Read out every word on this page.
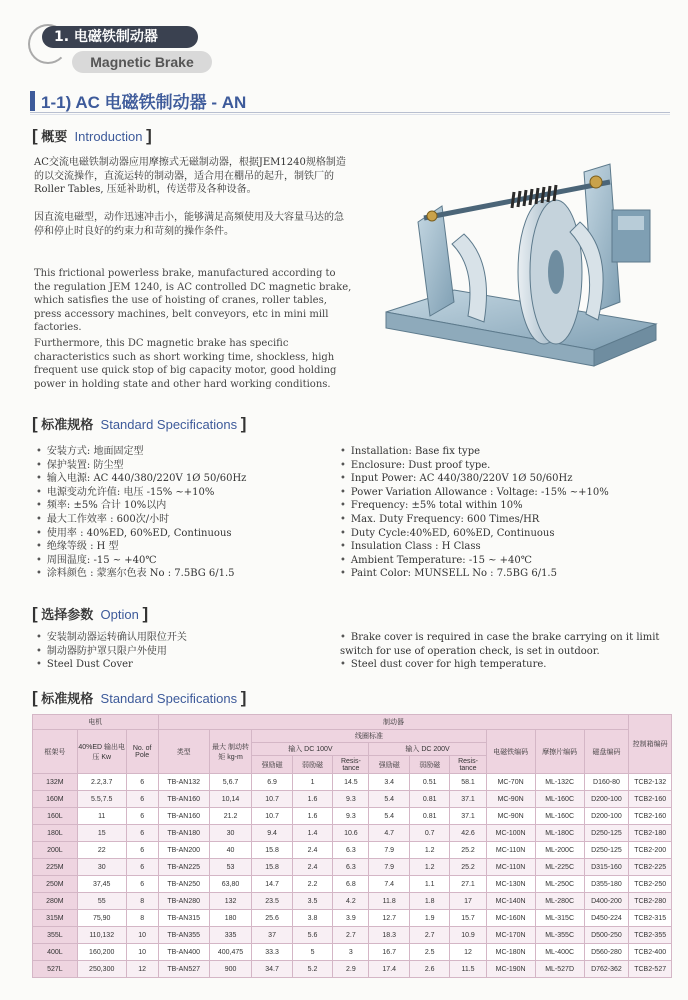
1. 电磁铁制动器
Magnetic Brake
1-1) AC 电磁铁制动器 - AN
[ 概要 Introduction ]
AC交流电磁铁制动器应用摩擦式无磁制动器，根据JEM1240规格制造的以交流操作，直流运转的制动器，适合用在棚吊的起升，制铁厂的Roller Tables, 压延补助机，传送带及各种设备。
因直流电磁型，动作迅速冲击小，能够满足高频使用及大容量马达的急停和停止时良好的约束力和苛刻的操作条件。
This frictional powerless brake, manufactured according to the regulation JEM 1240, is AC controlled DC magnetic brake, which satisfies the use of hoisting of cranes, roller tables, press accessory machines, belt conveyors, etc in mini mill factories.
Furthermore, this DC magnetic brake has specific characteristics such as short working time, shockless, high frequent use quick stop of big capacity motor, good holding power in holding state and other hard working conditions.
[ 标准规格 Standard Specifications ]
• 安装方式: 地面固定型
• 保护装置: 防尘型
• 输入电源: AC 440/380/220V 1Ø 50/60Hz
• 电源变动允许值: 电压 -15% ~+10%
• 频率: ±5% 合计 10%以内
• 最大工作效率 : 600次/小时
• 使用率 : 40%ED, 60%ED, Continuous
• 绝缘等级 : H 型
• 周围温度: -15 ~ +40℃
• 涂料颜色 : 蒙塞尔色表 No : 7.5BG 6/1.5
• Installation: Base fix type
• Enclosure: Dust proof type.
• Input Power: AC 440/380/220V 1Ø 50/60Hz
• Power Variation Allowance : Voltage: -15% ~+10%
• Frequency: ±5% total within 10%
• Max. Duty Frequency: 600 Times/HR
• Duty Cycle:40%ED, 60%ED, Continuous
• Insulation Class : H Class
• Ambient Temperature: -15 ~ +40℃
• Paint Color: MUNSELL No : 7.5BG 6/1.5
[ 选择参数 Option ]
• 安装制动器运转确认用限位开关
• 制动器防护罩只限户外使用
• Steel Dust Cover
• Brake cover is required in case the brake carrying on it limit switch for use of operation check, is set in outdoor.
• Steel dust cover for high temperature.
[ 标准规格 Standard Specifications ]
电机			制动器											控制箱编码
框架号	40%ED 输出电压 Kw	No. of Pole	类型	最大 制动转矩 kg-m	线圈标准						电磁铁编码	摩擦片编码	磁盘编码	
					输入 DC 100V			输入 DC 200V						
					强励磁	弱励磁	Resis-tance	强励磁	弱励磁	Resis-tance				
132M	2.2,3.7	6	TB-AN132	5,6.7	6.9	1	14.5	3.4	0.51	58.1	MC-70N	ML-132C	D160-80	TCB2-132
160M	5.5,7.5	6	TB-AN160	10,14	10.7	1.6	9.3	5.4	0.81	37.1	MC-90N	ML-160C	D200-100	TCB2-160
160L	11	6	TB-AN160	21.2	10.7	1.6	9.3	5.4	0.81	37.1	MC-90N	ML-160C	D200-100	TCB2-160
180L	15	6	TB-AN180	30	9.4	1.4	10.6	4.7	0.7	42.6	MC-100N	ML-180C	D250-125	TCB2-180
200L	22	6	TB-AN200	40	15.8	2.4	6.3	7.9	1.2	25.2	MC-110N	ML-200C	D250-125	TCB2-200
225M	30	6	TB-AN225	53	15.8	2.4	6.3	7.9	1.2	25.2	MC-110N	ML-225C	D315-160	TCB2-225
250M	37,45	6	TB-AN250	63,80	14.7	2.2	6.8	7.4	1.1	27.1	MC-130N	ML-250C	D355-180	TCB2-250
280M	55	8	TB-AN280	132	23.5	3.5	4.2	11.8	1.8	17	MC-140N	ML-280C	D400-200	TCB2-280
315M	75,90	8	TB-AN315	180	25.6	3.8	3.9	12.7	1.9	15.7	MC-160N	ML-315C	D450-224	TCB2-315
355L	110,132	10	TB-AN355	335	37	5.6	2.7	18.3	2.7	10.9	MC-170N	ML-355C	D500-250	TCB2-355
400L	160,200	10	TB-AN400	400,475	33.3	5	3	16.7	2.5	12	MC-180N	ML-400C	D560-280	TCB2-400
527L	250,300	12	TB-AN527	900	34.7	5.2	2.9	17.4	2.6	11.5	MC-190N	ML-527D	D762-362	TCB2-527
